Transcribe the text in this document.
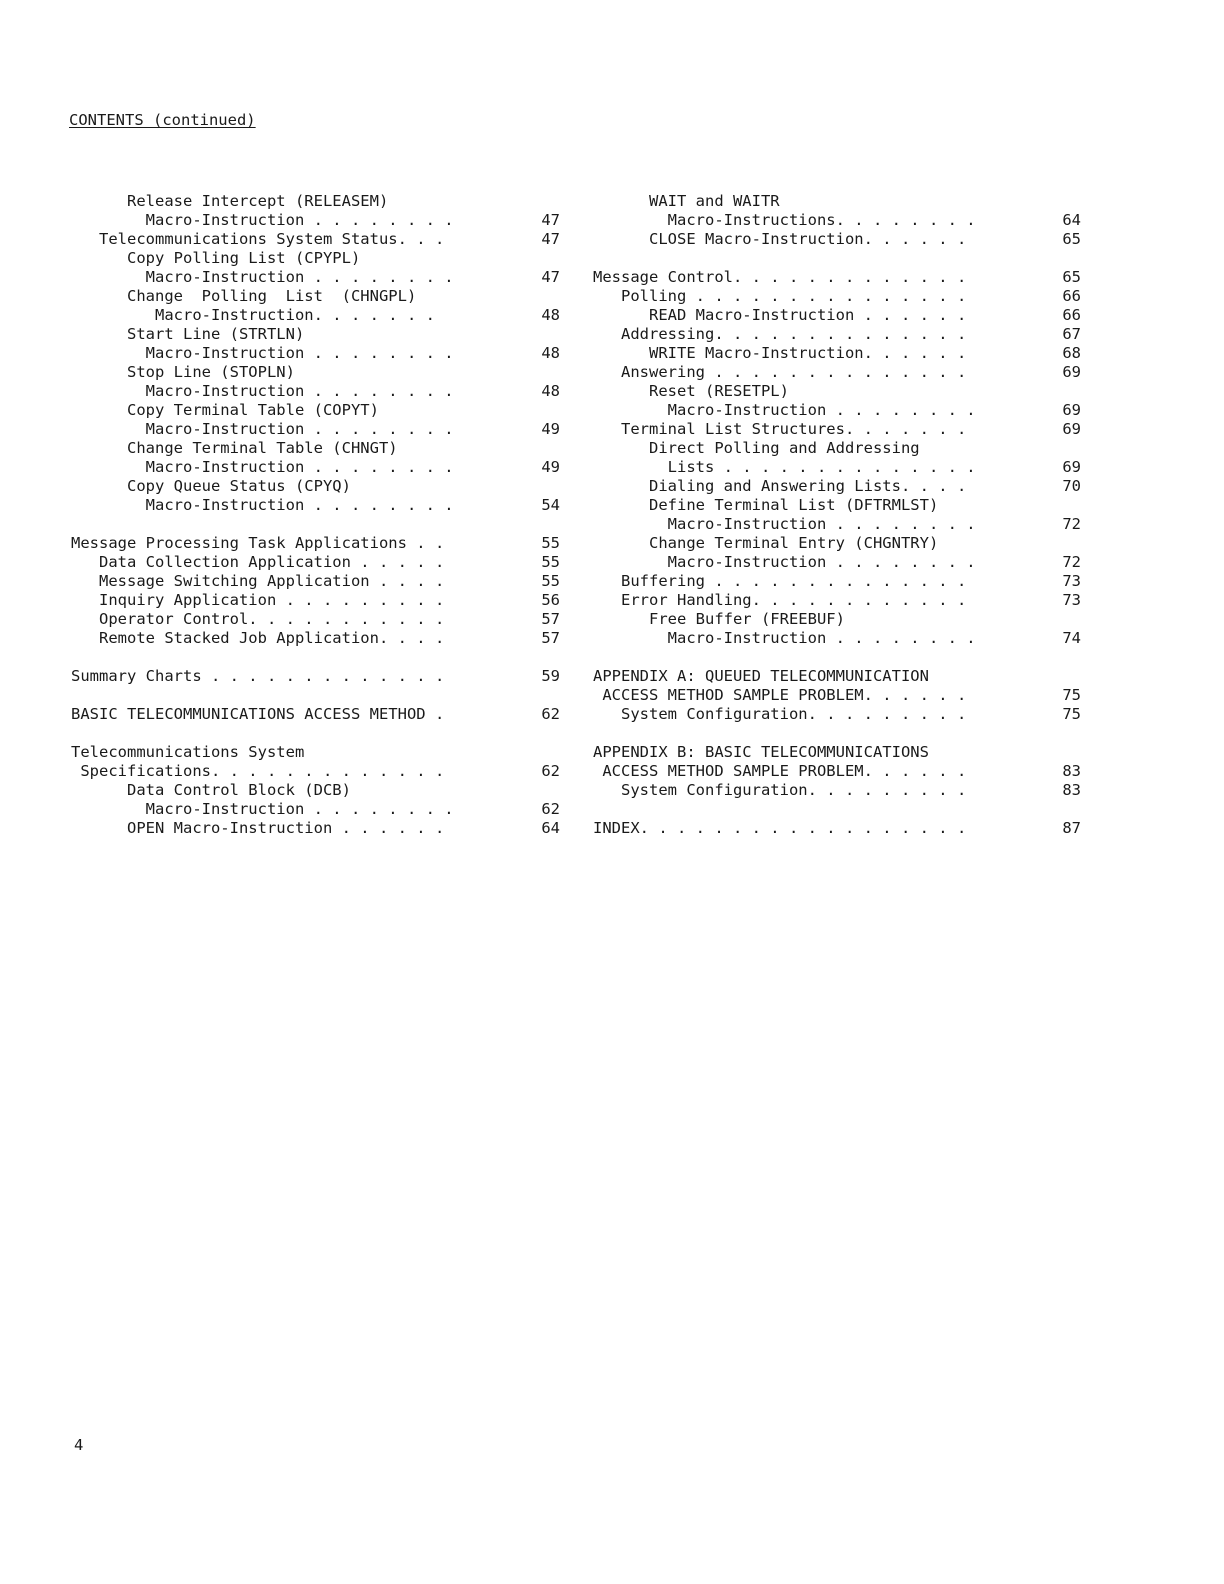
CONTENTS (continued)
Release Intercept (RELEASEM)
Macro-Instruction . . . . . . . .	47
Telecommunications System Status. . .	47
Copy Polling List (CPYPL)
Macro-Instruction . . . . . . . .	47
Change  Polling  List  (CHNGPL)
Macro-Instruction. . . . . . .	48
Start Line (STRTLN)
Macro-Instruction . . . . . . . .	48
Stop Line (STOPLN)
Macro-Instruction . . . . . . . .	48
Copy Terminal Table (COPYT)
Macro-Instruction . . . . . . . .	49
Change Terminal Table (CHNGT)
Macro-Instruction . . . . . . . .	49
Copy Queue Status (CPYQ)
Macro-Instruction . . . . . . . .	54
Message Processing Task Applications . .	55
Data Collection Application . . . . .	55
Message Switching Application . . . .	55
Inquiry Application . . . . . . . . .	56
Operator Control. . . . . . . . . . .	57
Remote Stacked Job Application. . . .	57
Summary Charts . . . . . . . . . . . . .	59
BASIC TELECOMMUNICATIONS ACCESS METHOD .	62
Telecommunications System
Specifications. . . . . . . . . . . . .	62
Data Control Block (DCB)
Macro-Instruction . . . . . . . .	62
OPEN Macro-Instruction . . . . . .	64
WAIT and WAITR
Macro-Instructions. . . . . . . .	64
CLOSE Macro-Instruction. . . . . .	65
Message Control. . . . . . . . . . . . .	65
Polling . . . . . . . . . . . . . . .	66
READ Macro-Instruction . . . . . .	66
Addressing. . . . . . . . . . . . . .	67
WRITE Macro-Instruction. . . . . .	68
Answering . . . . . . . . . . . . . .	69
Reset (RESETPL)
Macro-Instruction . . . . . . . .	69
Terminal List Structures. . . . . . .	69
Direct Polling and Addressing
Lists . . . . . . . . . . . . . .	69
Dialing and Answering Lists. . . .	70
Define Terminal List (DFTRMLST)
Macro-Instruction . . . . . . . .	72
Change Terminal Entry (CHGNTRY)
Macro-Instruction . . . . . . . .	72
Buffering . . . . . . . . . . . . . .	73
Error Handling. . . . . . . . . . . .	73
Free Buffer (FREEBUF)
Macro-Instruction . . . . . . . .	74
APPENDIX A: QUEUED TELECOMMUNICATION
ACCESS METHOD SAMPLE PROBLEM. . . . . .	75
System Configuration. . . . . . . . .	75
APPENDIX B: BASIC TELECOMMUNICATIONS
ACCESS METHOD SAMPLE PROBLEM. . . . . .	83
System Configuration. . . . . . . . .	83
INDEX. . . . . . . . . . . . . . . . . .	87
4
